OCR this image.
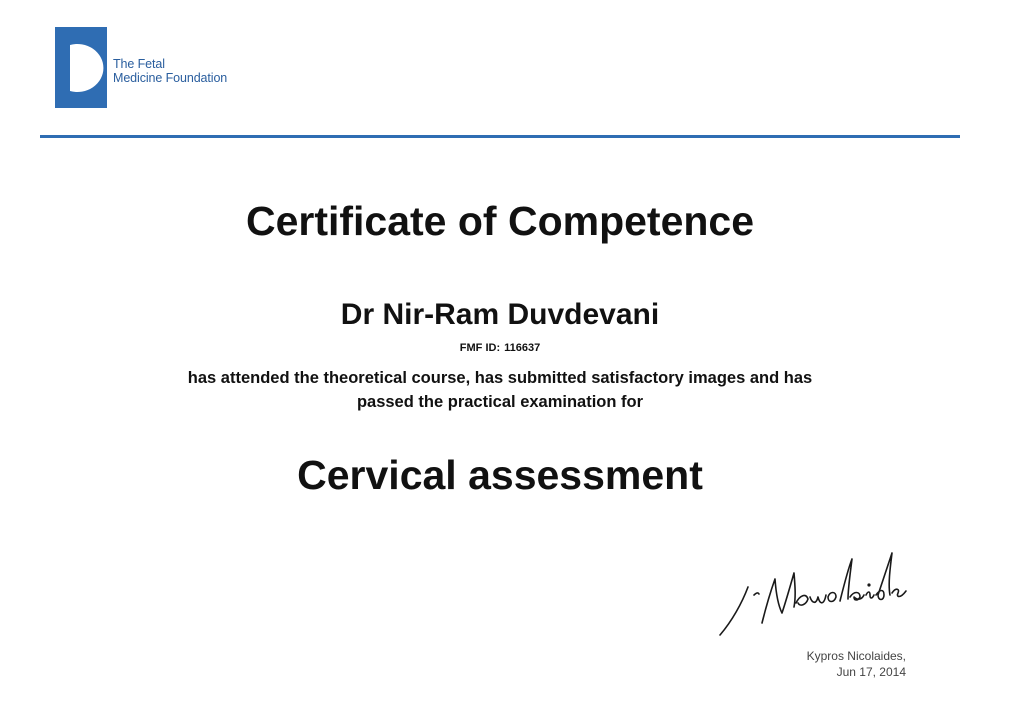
The Fetal
Medicine Foundation
Certificate of Competence
Dr Nir-Ram Duvdevani
FMF ID: 116637
has attended the theoretical course, has submitted satisfactory images and has
passed the practical examination for
Cervical assessment
Kypros Nicolaides,
Jun 17, 2014
